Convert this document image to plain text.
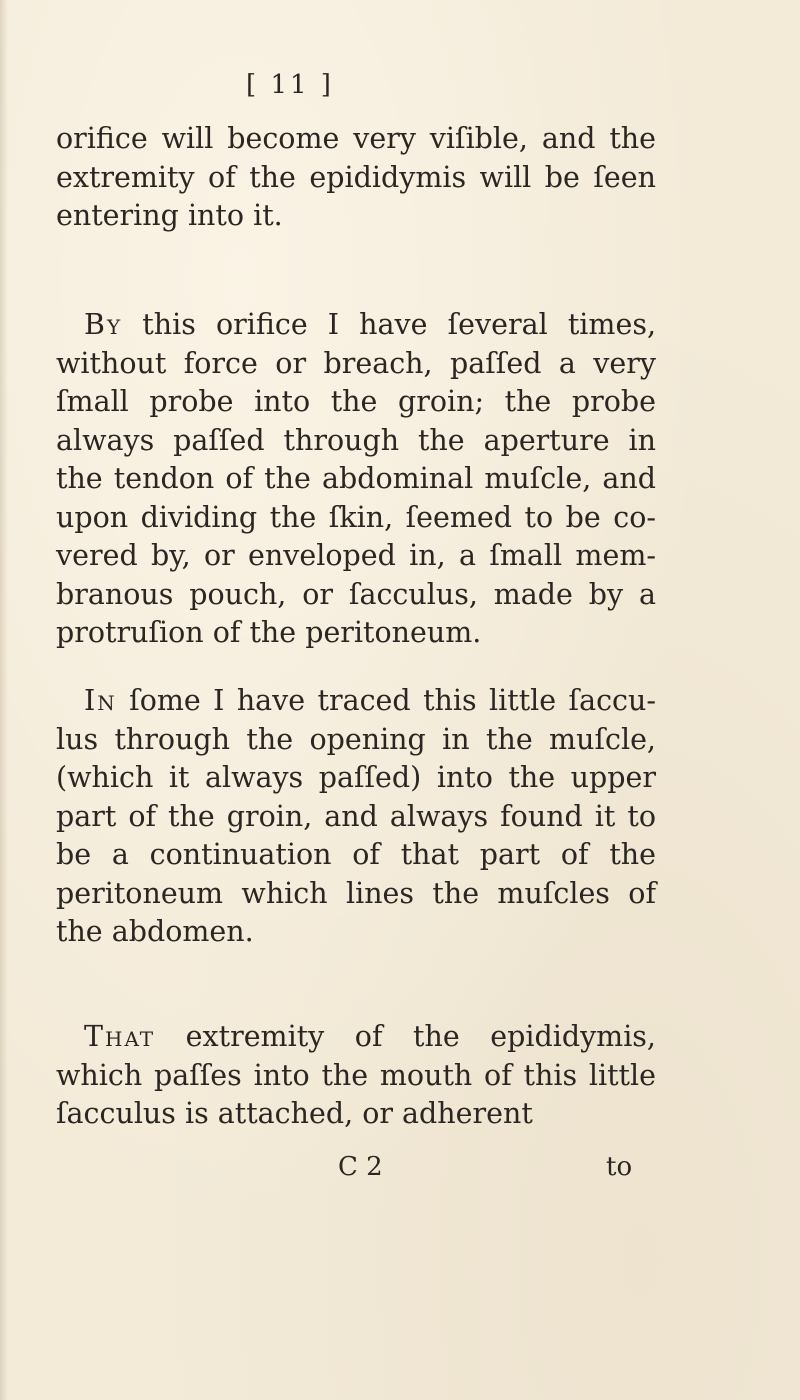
[ 11 ]

orifice will become very viſible, and the extremity of the epididymis will be ſeen entering into it.

By this orifice I have ſeveral times, without force or breach, paſſed a very ſmall probe into the groin; the probe always paſſed through the aperture in the tendon of the abdominal muſcle, and upon dividing the ſkin, ſeemed to be covered by, or enveloped in, a ſmall membranous pouch, or ſacculus, made by a protruſion of the peritoneum.

In ſome I have traced this little ſacculus through the opening in the muſcle, (which it always paſſed) into the upper part of the groin, and always found it to be a continuation of that part of the peritoneum which lines the muſcles of the abdomen.

That extremity of the epididymis, which paſſes into the mouth of this little ſacculus is attached, or adherent

C 2	to
